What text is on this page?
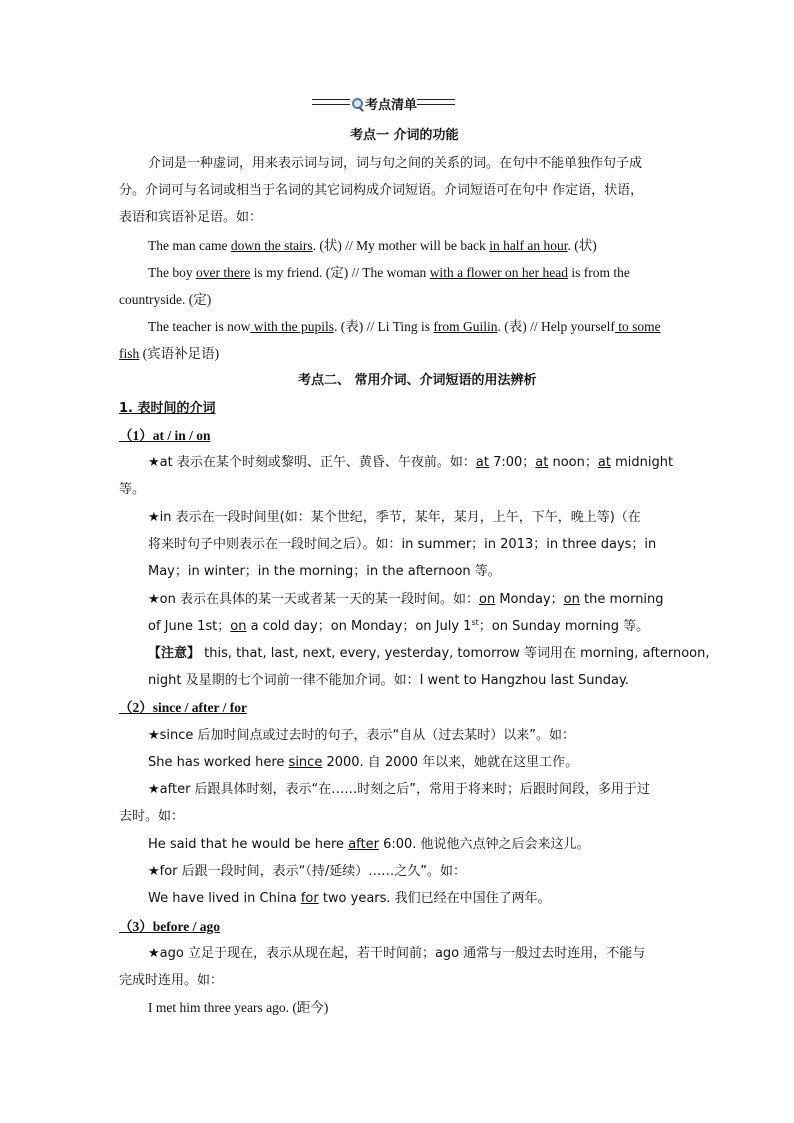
考点清单
考点一 介词的功能
介词是一种虚词，用来表示词与词，词与句之间的关系的词。在句中不能单独作句子成
分。介词可与名词或相当于名词的其它词构成介词短语。介词短语可在句中 作定语，状语，
表语和宾语补足语。如：
The man came down the stairs. (状) // My mother will be back in half an hour. (状)
The boy over there is my friend. (定) // The woman with a flower on her head is from the
countryside. (定)
The teacher is now with the pupils. (表) // Li Ting is from Guilin. (表) // Help yourself to some
fish (宾语补足语)
考点二、 常用介词、介词短语的用法辨析
1. 表时间的介词
（1）at / in / on
★at 表示在某个时刻或黎明、正午、黄昏、午夜前。如：at 7:00；at noon；at midnight
等。
★in 表示在一段时间里(如：某个世纪，季节，某年，某月，上午，下午，晚上等)（在
将来时句子中则表示在一段时间之后）。如：in summer；in 2013；in three days；in
May；in winter；in the morning；in the afternoon 等。
★on 表示在具体的某一天或者某一天的某一段时间。如：on Monday；on the morning
of June 1st；on a cold day；on Monday；on July 1st；on Sunday morning 等。
【注意】 this, that, last, next, every, yesterday, tomorrow 等词用在 morning, afternoon,
night 及星期的七个词前一律不能加介词。如：I went to Hangzhou last Sunday.
（2）since / after / for
★since 后加时间点或过去时的句子，表示“自从（过去某时）以来”。如：
She has worked here since 2000. 自 2000 年以来，她就在这里工作。
★after 后跟具体时刻，表示“在……时刻之后”，常用于将来时；后跟时间段，多用于过
去时。如：
He said that he would be here after 6:00. 他说他六点钟之后会来这儿。
★for 后跟一段时间，表示“（持/延续）……之久”。如：
We have lived in China for two years. 我们已经在中国住了两年。
（3）before / ago
★ago 立足于现在，表示从现在起，若干时间前；ago 通常与一般过去时连用，不能与
完成时连用。如：
I met him three years ago. (距今)
